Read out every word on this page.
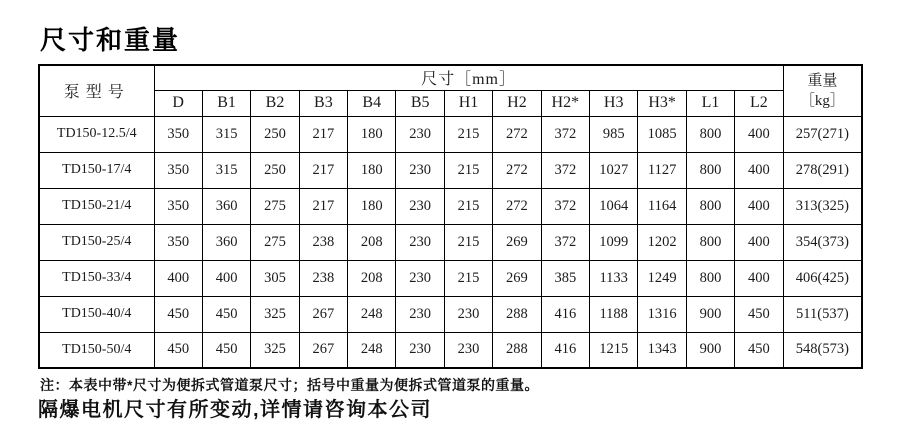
尺寸和重量
泵型号	尺寸［mm］													重量
［kg］
	D	B1	B2	B3	B4	B5	H1	H2	H2*	H3	H3*	L1	L2	
TD150-12.5/4	350	315	250	217	180	230	215	272	372	985	1085	800	400	257(271)
TD150-17/4	350	315	250	217	180	230	215	272	372	1027	1127	800	400	278(291)
TD150-21/4	350	360	275	217	180	230	215	272	372	1064	1164	800	400	313(325)
TD150-25/4	350	360	275	238	208	230	215	269	372	1099	1202	800	400	354(373)
TD150-33/4	400	400	305	238	208	230	215	269	385	1133	1249	800	400	406(425)
TD150-40/4	450	450	325	267	248	230	230	288	416	1188	1316	900	450	511(537)
TD150-50/4	450	450	325	267	248	230	230	288	416	1215	1343	900	450	548(573)
注：本表中带*尺寸为便拆式管道泵尺寸；括号中重量为便拆式管道泵的重量。
隔爆电机尺寸有所变动,详情请咨询本公司
